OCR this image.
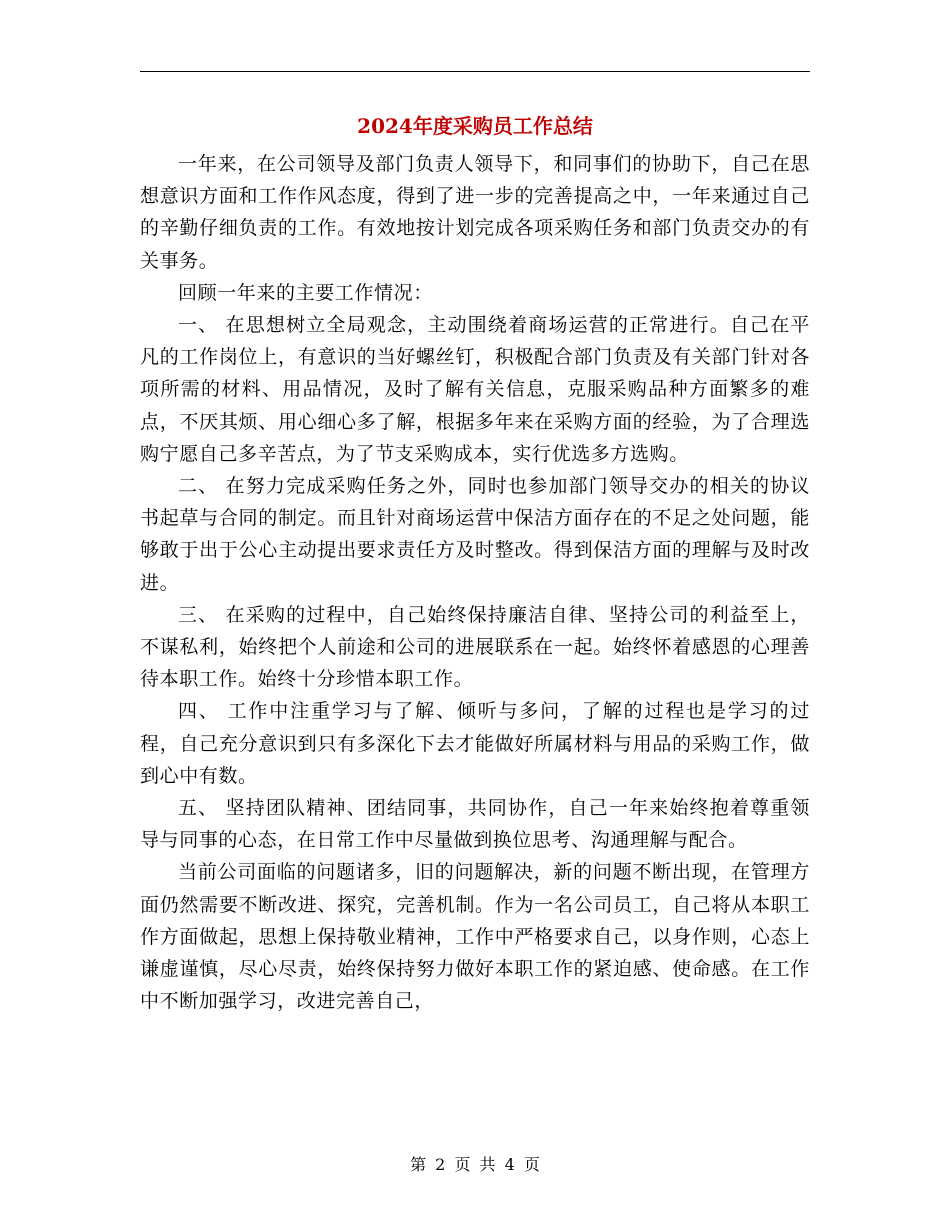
2024年度采购员工作总结

一年来，在公司领导及部门负责人领导下，和同事们的协助下，自己在思想意识方面和工作作风态度，得到了进一步的完善提高之中，一年来通过自己的辛勤仔细负责的工作。有效地按计划完成各项采购任务和部门负责交办的有关事务。

回顾一年来的主要工作情况：

一、 在思想树立全局观念，主动围绕着商场运营的正常进行。自己在平凡的工作岗位上，有意识的当好螺丝钉，积极配合部门负责及有关部门针对各项所需的材料、用品情况，及时了解有关信息，克服采购品种方面繁多的难点，不厌其烦、用心细心多了解，根据多年来在采购方面的经验，为了合理选购宁愿自己多辛苦点，为了节支采购成本，实行优选多方选购。

二、 在努力完成采购任务之外，同时也参加部门领导交办的相关的协议书起草与合同的制定。而且针对商场运营中保洁方面存在的不足之处问题，能够敢于出于公心主动提出要求责任方及时整改。得到保洁方面的理解与及时改进。

三、 在采购的过程中，自己始终保持廉洁自律、坚持公司的利益至上，不谋私利，始终把个人前途和公司的进展联系在一起。始终怀着感恩的心理善待本职工作。始终十分珍惜本职工作。

四、 工作中注重学习与了解、倾听与多问，了解的过程也是学习的过程，自己充分意识到只有多深化下去才能做好所属材料与用品的采购工作，做到心中有数。

五、 坚持团队精神、团结同事，共同协作，自己一年来始终抱着尊重领导与同事的心态，在日常工作中尽量做到换位思考、沟通理解与配合。

当前公司面临的问题诸多，旧的问题解决，新的问题不断出现，在管理方面仍然需要不断改进、探究，完善机制。作为一名公司员工，自己将从本职工作方面做起，思想上保持敬业精神，工作中严格要求自己，以身作则，心态上谦虚谨慎，尽心尽责，始终保持努力做好本职工作的紧迫感、使命感。在工作中不断加强学习，改进完善自己，

第 2 页 共 4 页
